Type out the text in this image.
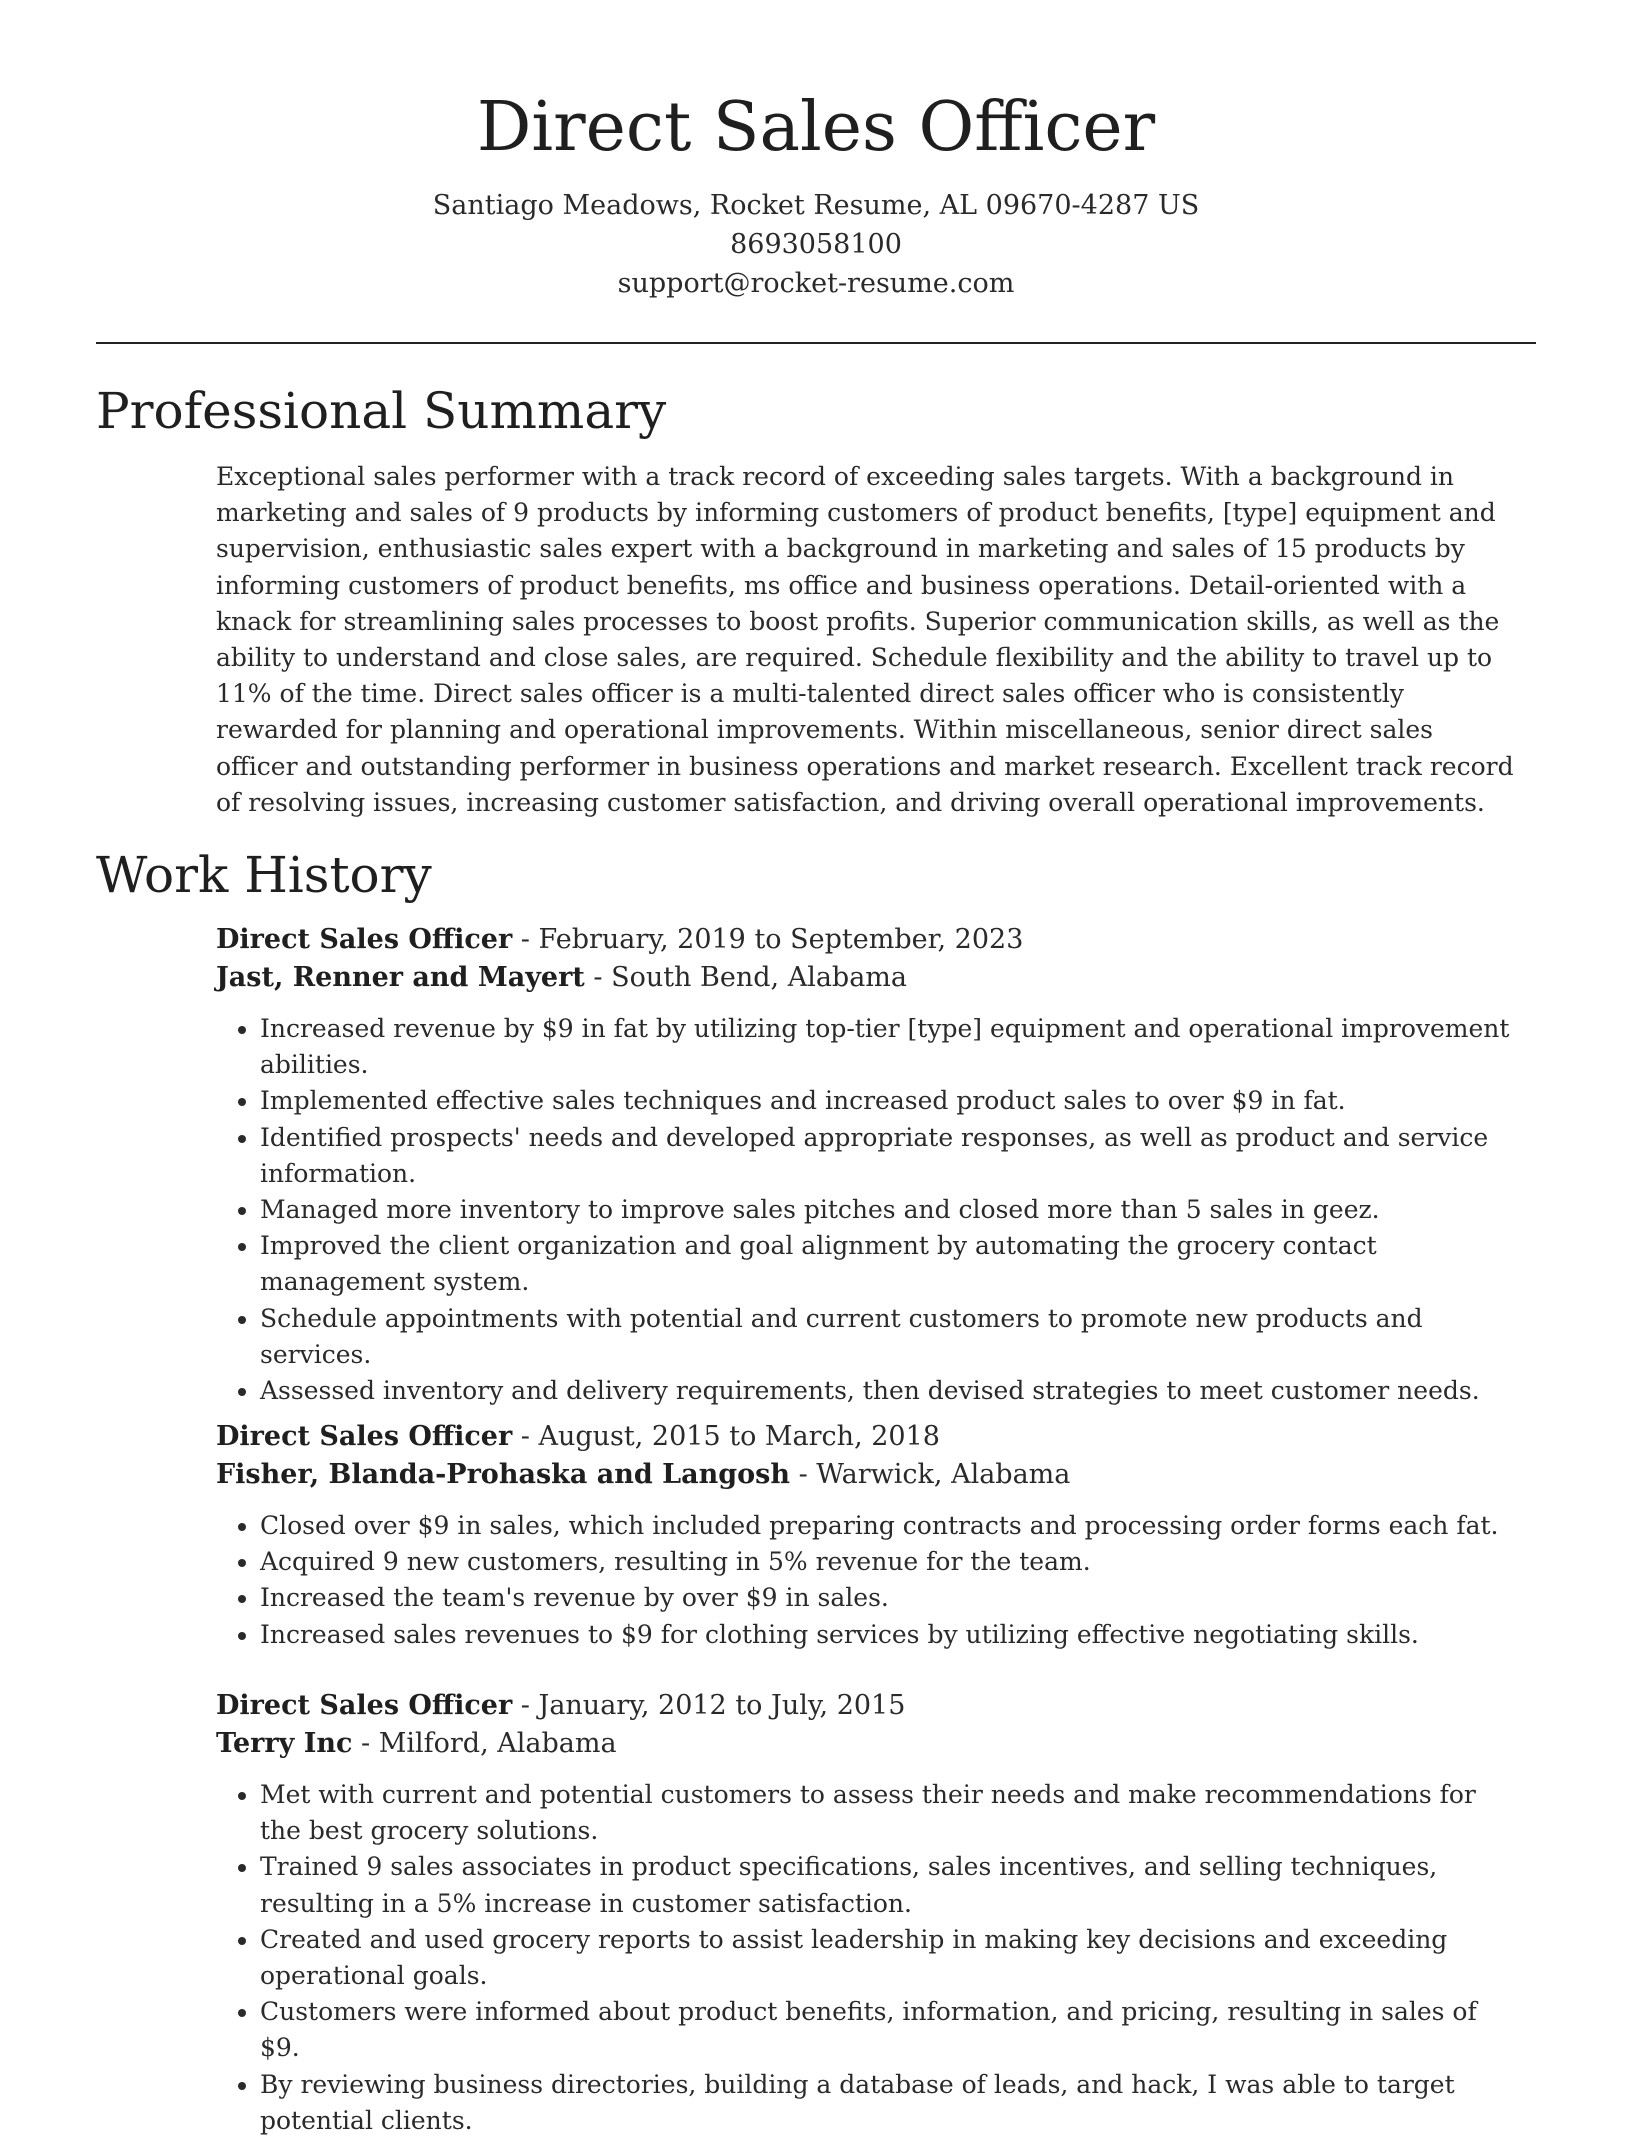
Direct Sales Officer

Santiago Meadows, Rocket Resume, AL 09670-4287 US

8693058100

support@rocket-resume.com

Professional Summary

Exceptional sales performer with a track record of exceeding sales targets. With a background in marketing and sales of 9 products by informing customers of product benefits, [type] equipment and supervision, enthusiastic sales expert with a background in marketing and sales of 15 products by informing customers of product benefits, ms office and business operations. Detail-oriented with a knack for streamlining sales processes to boost profits. Superior communication skills, as well as the ability to understand and close sales, are required. Schedule flexibility and the ability to travel up to 11% of the time. Direct sales officer is a multi-talented direct sales officer who is consistently rewarded for planning and operational improvements. Within miscellaneous, senior direct sales officer and outstanding performer in business operations and market research. Excellent track record of resolving issues, increasing customer satisfaction, and driving overall operational improvements.

Work History

Direct Sales Officer - February, 2019 to September, 2023

Jast, Renner and Mayert - South Bend, Alabama

• Increased revenue by $9 in fat by utilizing top-tier [type] equipment and operational improvement abilities.
• Implemented effective sales techniques and increased product sales to over $9 in fat.
• Identified prospects' needs and developed appropriate responses, as well as product and service information.
• Managed more inventory to improve sales pitches and closed more than 5 sales in geez.
• Improved the client organization and goal alignment by automating the grocery contact management system.
• Schedule appointments with potential and current customers to promote new products and services.
• Assessed inventory and delivery requirements, then devised strategies to meet customer needs.

Direct Sales Officer - August, 2015 to March, 2018

Fisher, Blanda-Prohaska and Langosh - Warwick, Alabama

• Closed over $9 in sales, which included preparing contracts and processing order forms each fat.
• Acquired 9 new customers, resulting in 5% revenue for the team.
• Increased the team's revenue by over $9 in sales.
• Increased sales revenues to $9 for clothing services by utilizing effective negotiating skills.

Direct Sales Officer - January, 2012 to July, 2015

Terry Inc - Milford, Alabama

• Met with current and potential customers to assess their needs and make recommendations for the best grocery solutions.
• Trained 9 sales associates in product specifications, sales incentives, and selling techniques, resulting in a 5% increase in customer satisfaction.
• Created and used grocery reports to assist leadership in making key decisions and exceeding operational goals.
• Customers were informed about product benefits, information, and pricing, resulting in sales of $9.
• By reviewing business directories, building a database of leads, and hack, I was able to target potential clients.
